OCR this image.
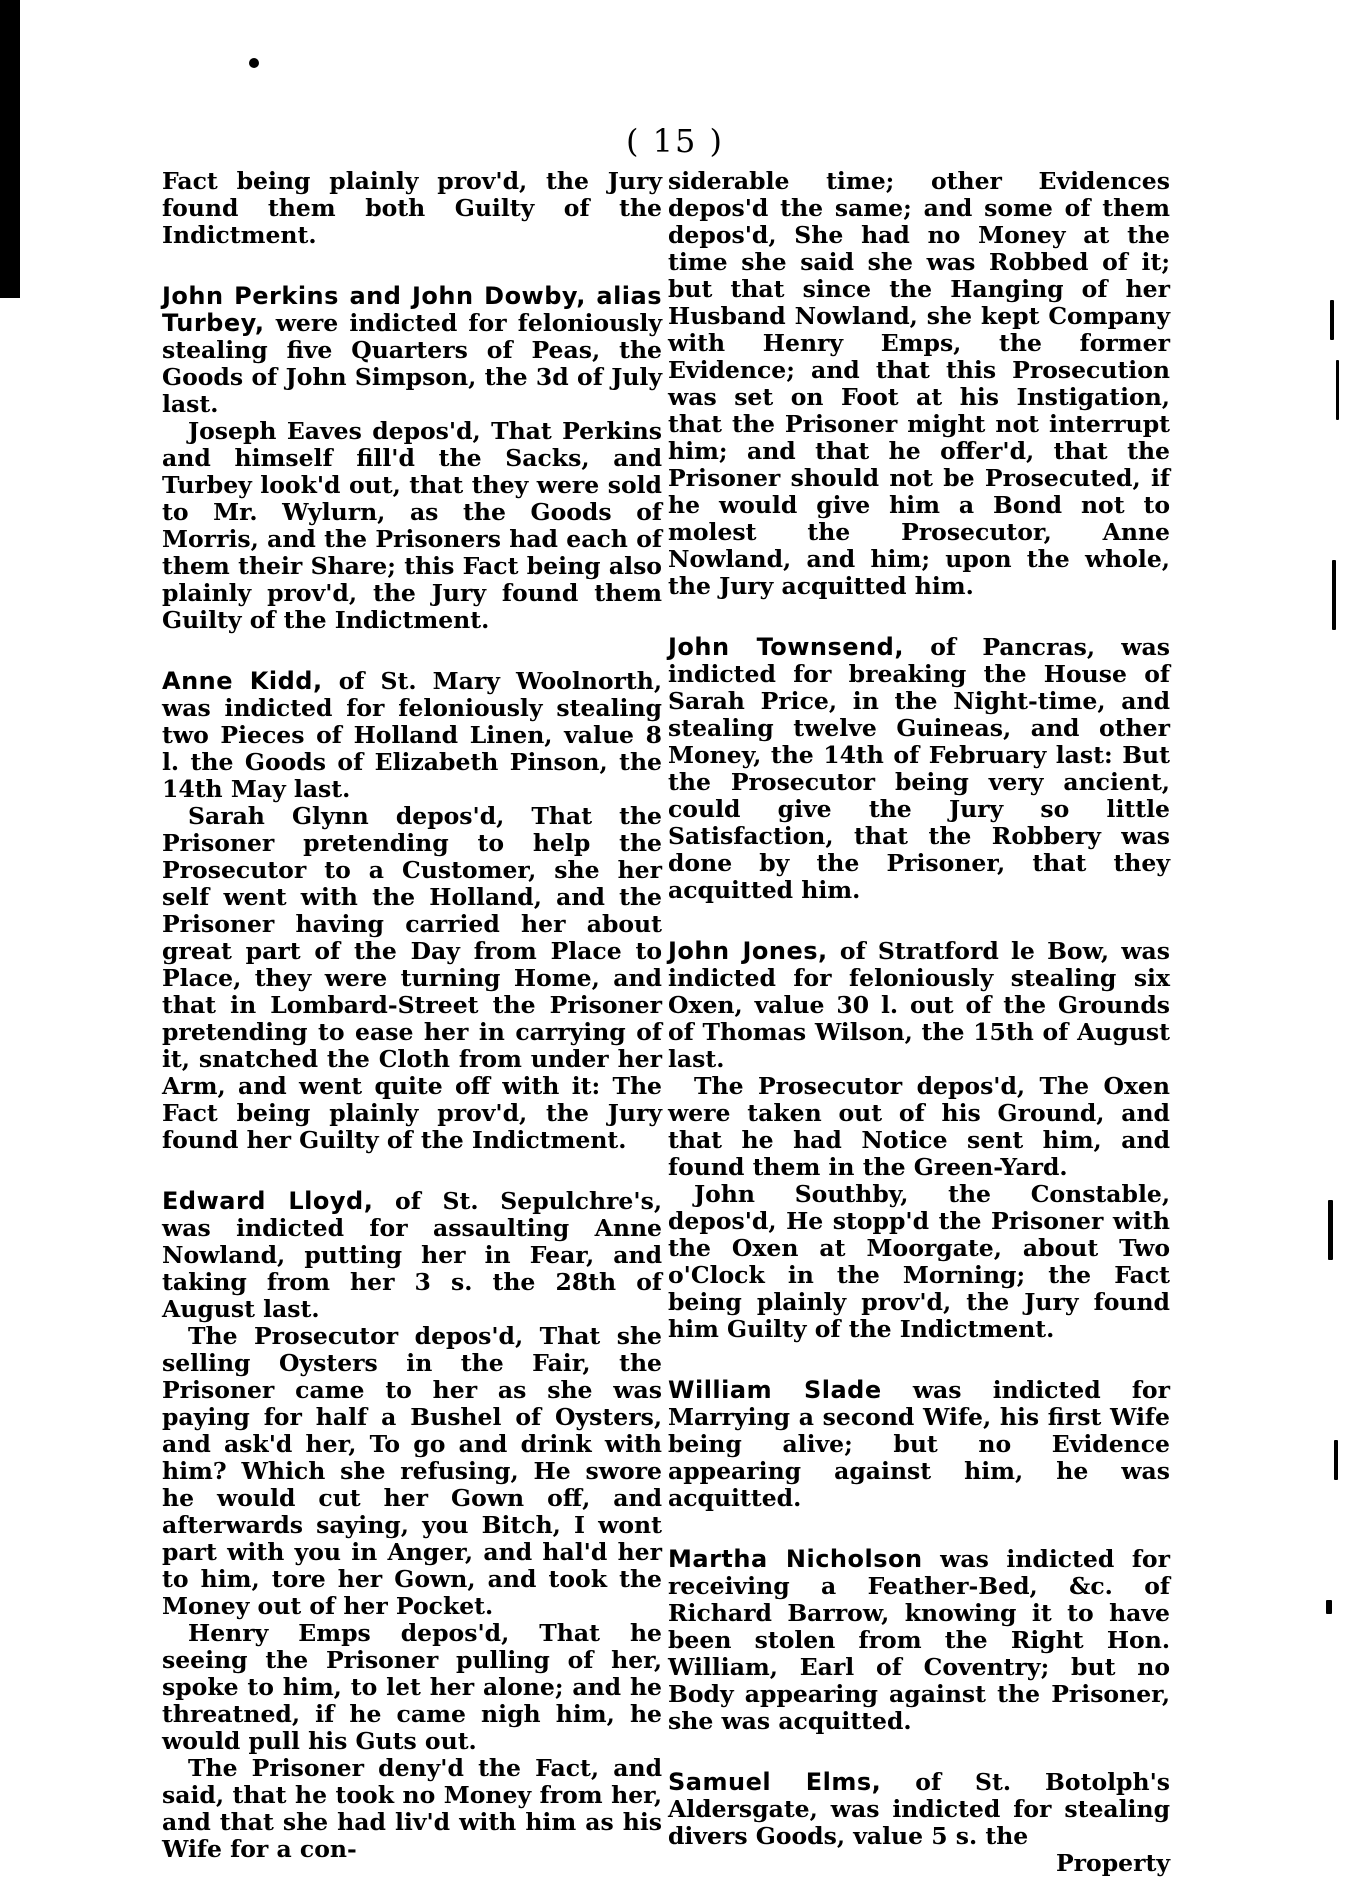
( 15 )

Fact being plainly prov'd, the Jury found them both Guilty of the Indictment.

John Perkins and John Dowby, alias Turbey, were indicted for feloniously stealing five Quarters of Peas, the Goods of John Simpson, the 3d of July last.

Joseph Eaves depos'd, That Perkins and himself fill'd the Sacks, and Turbey look'd out, that they were sold to Mr. Wylurn, as the Goods of Morris, and the Prisoners had each of them their Share; this Fact being also plainly prov'd, the Jury found them Guilty of the Indictment.

Anne Kidd, of St. Mary Woolnorth, was indicted for feloniously stealing two Pieces of Holland Linen, value 8 l. the Goods of Elizabeth Pinson, the 14th May last.

Sarah Glynn depos'd, That the Prisoner pretending to help the Prosecutor to a Customer, she her self went with the Holland, and the Prisoner having carried her about great part of the Day from Place to Place, they were turning Home, and that in Lombard-Street the Prisoner pretending to ease her in carrying of it, snatched the Cloth from under her Arm, and went quite off with it: The Fact being plainly prov'd, the Jury found her Guilty of the Indictment.

Edward Lloyd, of St. Sepulchre's, was indicted for assaulting Anne Nowland, putting her in Fear, and taking from her 3 s. the 28th of August last.

The Prosecutor depos'd, That she selling Oysters in the Fair, the Prisoner came to her as she was paying for half a Bushel of Oysters, and ask'd her, To go and drink with him? Which she refusing, He swore he would cut her Gown off, and afterwards saying, you Bitch, I wont part with you in Anger, and hal'd her to him, tore her Gown, and took the Money out of her Pocket.

Henry Emps depos'd, That he seeing the Prisoner pulling of her, spoke to him, to let her alone; and he threatned, if he came nigh him, he would pull his Guts out.

The Prisoner deny'd the Fact, and said, that he took no Money from her, and that she had liv'd with him as his Wife for a con-

siderable time; other Evidences depos'd the same; and some of them depos'd, She had no Money at the time she said she was Robbed of it; but that since the Hanging of her Husband Nowland, she kept Company with Henry Emps, the former Evidence; and that this Prosecution was set on Foot at his Instigation, that the Prisoner might not interrupt him; and that he offer'd, that the Prisoner should not be Prosecuted, if he would give him a Bond not to molest the Prosecutor, Anne Nowland, and him; upon the whole, the Jury acquitted him.

John Townsend, of Pancras, was indicted for breaking the House of Sarah Price, in the Night-time, and stealing twelve Guineas, and other Money, the 14th of February last: But the Prosecutor being very ancient, could give the Jury so little Satisfaction, that the Robbery was done by the Prisoner, that they acquitted him.

John Jones, of Stratford le Bow, was indicted for feloniously stealing six Oxen, value 30 l. out of the Grounds of Thomas Wilson, the 15th of August last.

The Prosecutor depos'd, The Oxen were taken out of his Ground, and that he had Notice sent him, and found them in the Green-Yard.

John Southby, the Constable, depos'd, He stopp'd the Prisoner with the Oxen at Moorgate, about Two o'Clock in the Morning; the Fact being plainly prov'd, the Jury found him Guilty of the Indictment.

William Slade was indicted for Marrying a second Wife, his first Wife being alive; but no Evidence appearing against him, he was acquitted.

Martha Nicholson was indicted for receiving a Feather-Bed, &c. of Richard Barrow, knowing it to have been stolen from the Right Hon. William, Earl of Coventry; but no Body appearing against the Prisoner, she was acquitted.

Samuel Elms, of St. Botolph's Aldersgate, was indicted for stealing divers Goods, value 5 s. the

Property
